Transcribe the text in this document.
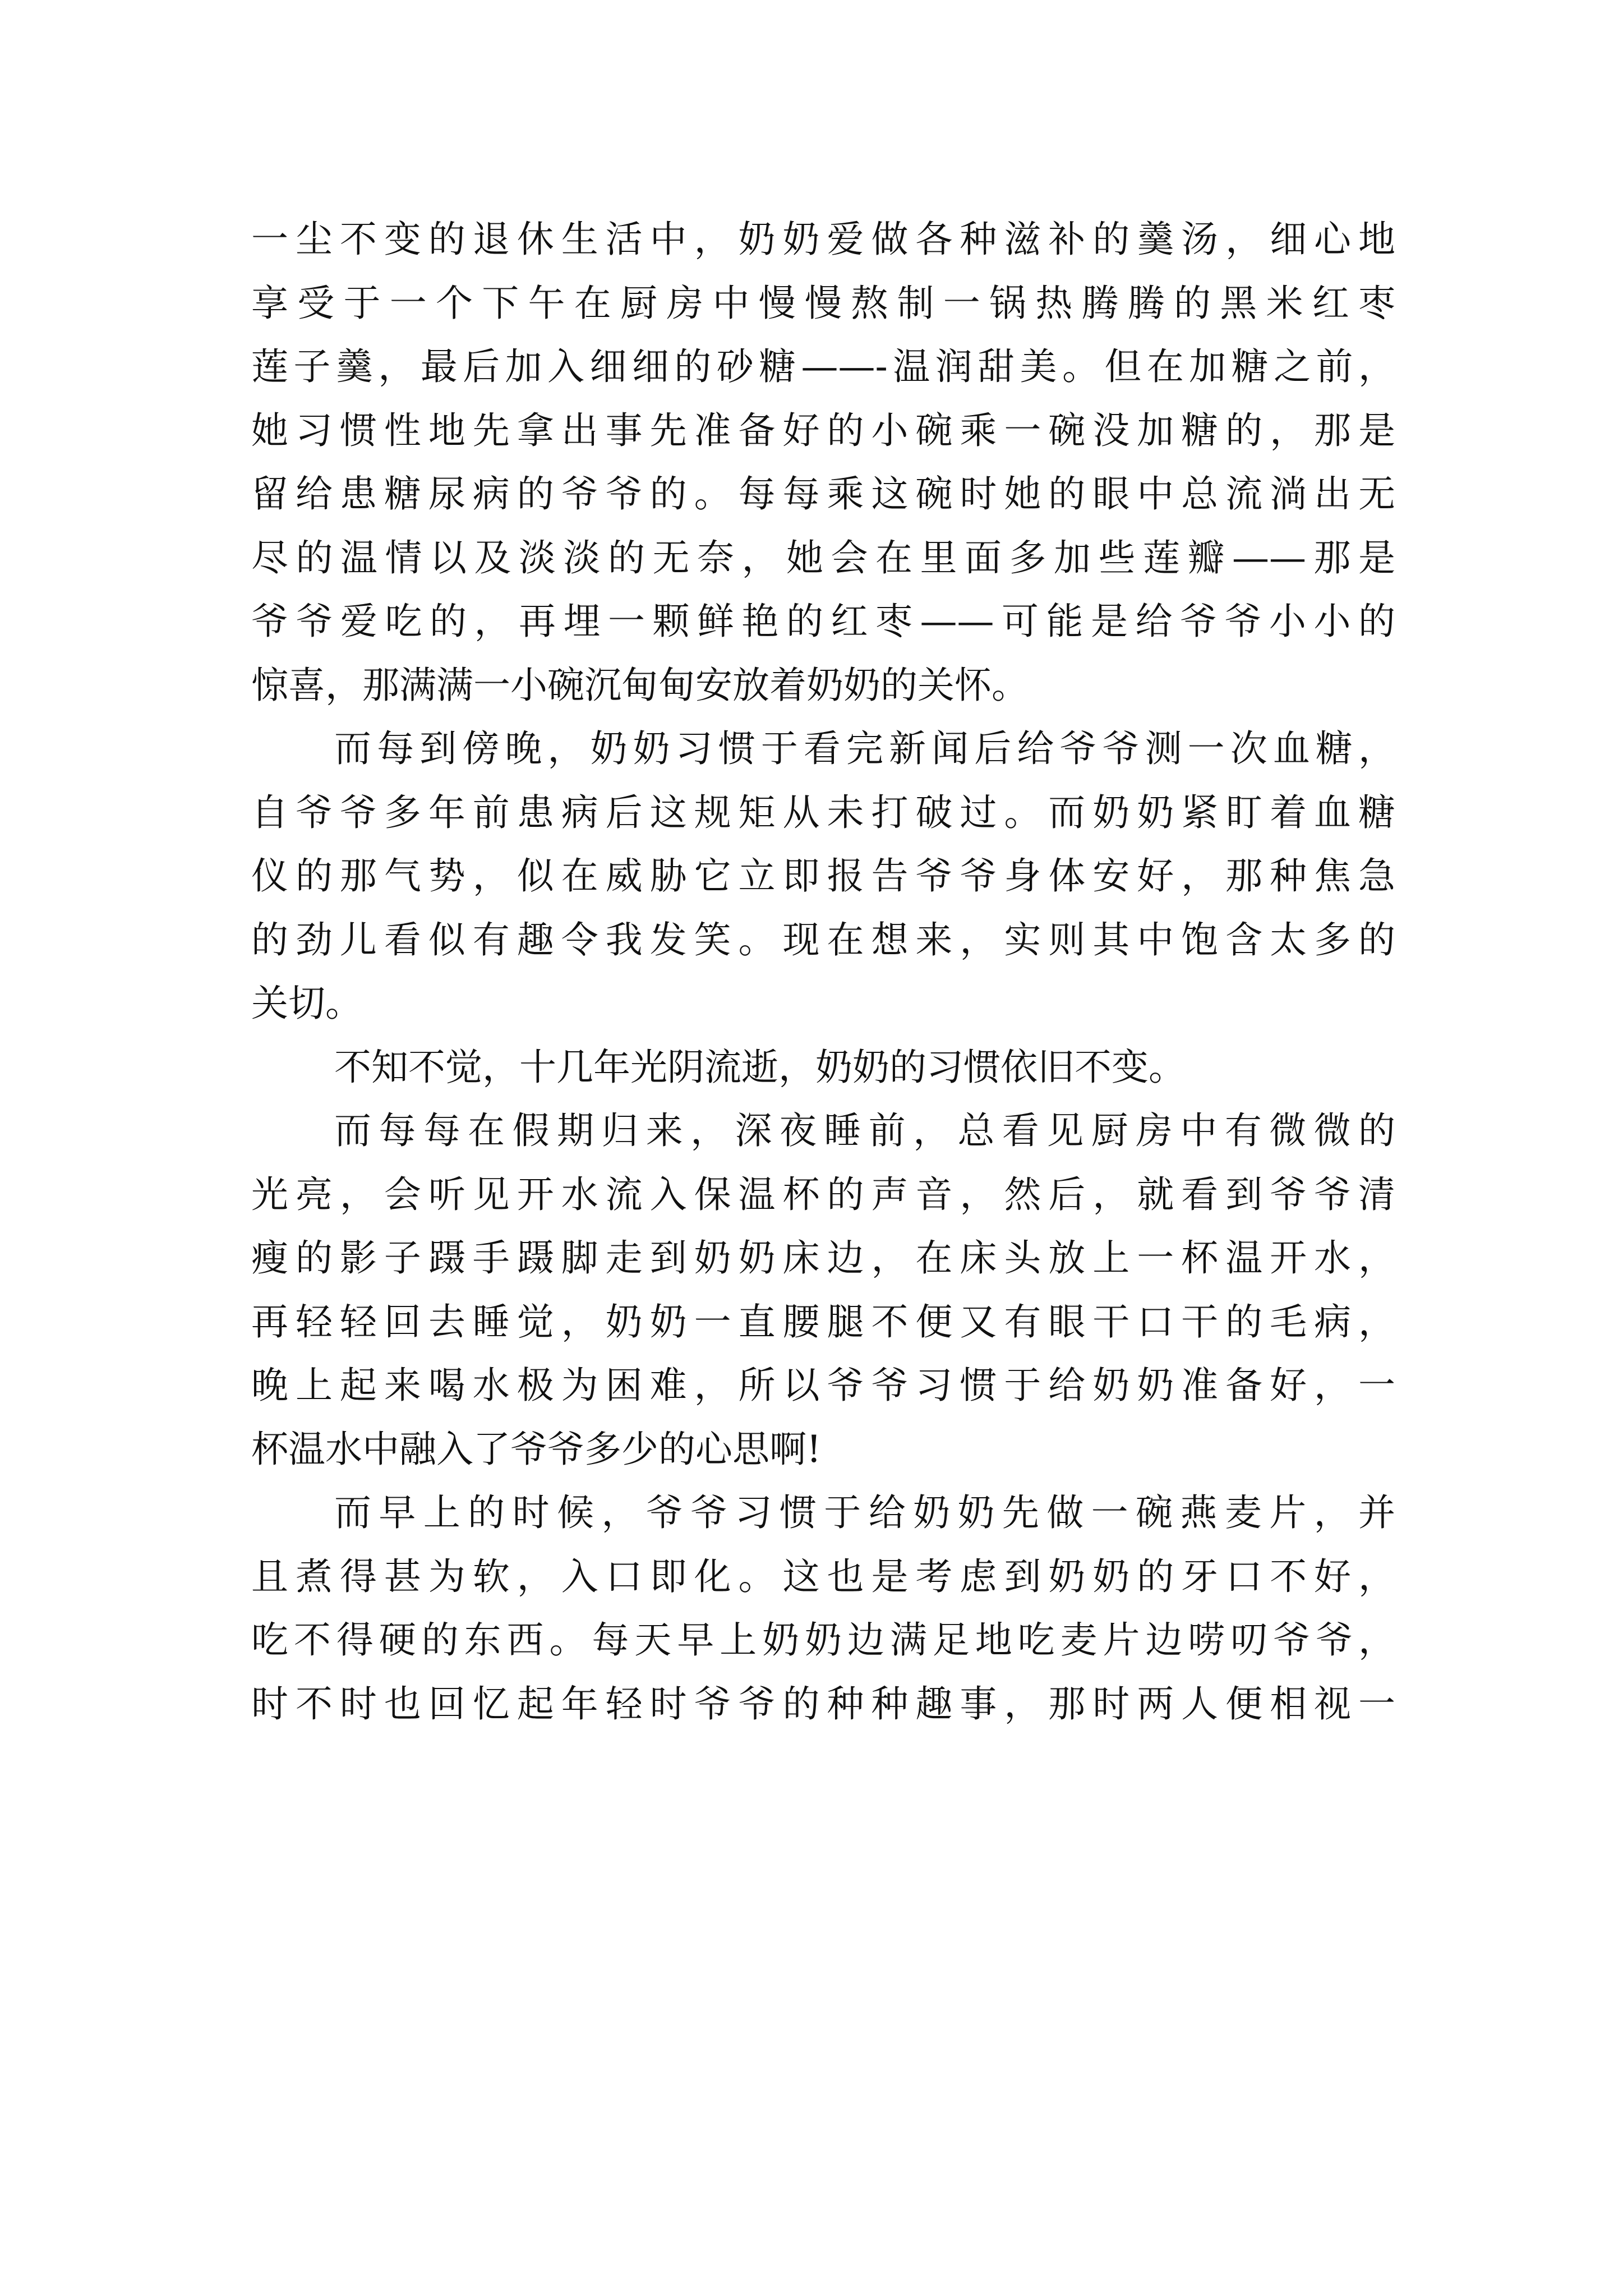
一尘不变的退休生活中，奶奶爱做各种滋补的羹汤，细心地
享受于一个下午在厨房中慢慢熬制一锅热腾腾的黑米红枣
莲子羹，最后加入细细的砂糖——-温润甜美。但在加糖之前，
她习惯性地先拿出事先准备好的小碗乘一碗没加糖的，那是
留给患糖尿病的爷爷的。每每乘这碗时她的眼中总流淌出无
尽的温情以及淡淡的无奈，她会在里面多加些莲瓣——那是
爷爷爱吃的，再埋一颗鲜艳的红枣——可能是给爷爷小小的
惊喜，那满满一小碗沉甸甸安放着奶奶的关怀。
而每到傍晚，奶奶习惯于看完新闻后给爷爷测一次血糖，
自爷爷多年前患病后这规矩从未打破过。而奶奶紧盯着血糖
仪的那气势，似在威胁它立即报告爷爷身体安好，那种焦急
的劲儿看似有趣令我发笑。现在想来，实则其中饱含太多的
关切。
不知不觉，十几年光阴流逝，奶奶的习惯依旧不变。
而每每在假期归来，深夜睡前，总看见厨房中有微微的
光亮，会听见开水流入保温杯的声音，然后，就看到爷爷清
瘦的影子蹑手蹑脚走到奶奶床边，在床头放上一杯温开水，
再轻轻回去睡觉，奶奶一直腰腿不便又有眼干口干的毛病，
晚上起来喝水极为困难，所以爷爷习惯于给奶奶准备好，一
杯温水中融入了爷爷多少的心思啊!
而早上的时候，爷爷习惯于给奶奶先做一碗燕麦片，并
且煮得甚为软，入口即化。这也是考虑到奶奶的牙口不好，
吃不得硬的东西。每天早上奶奶边满足地吃麦片边唠叨爷爷，
时不时也回忆起年轻时爷爷的种种趣事，那时两人便相视一
